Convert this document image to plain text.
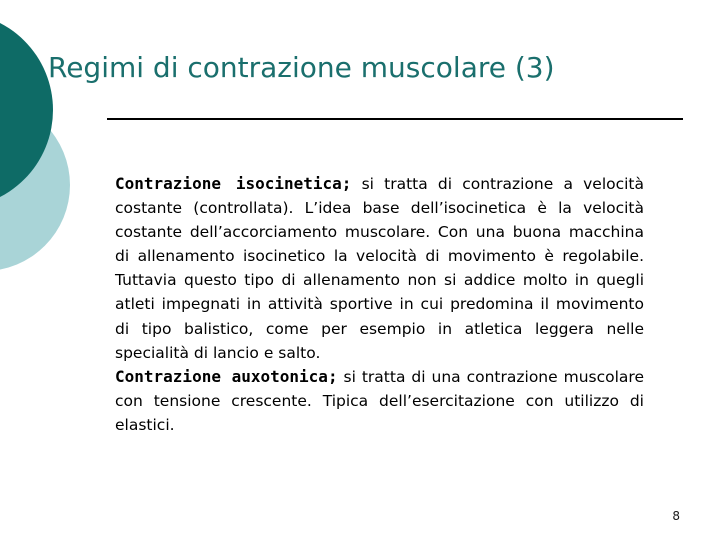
Regimi di contrazione muscolare (3)

Contrazione isocinetica; si tratta di contrazione a velocità costante (controllata). L’idea base dell’isocinetica è la velocità costante dell’accorciamento muscolare. Con una buona macchina di allenamento isocinetico la velocità di movimento è regolabile. Tuttavia questo tipo di allenamento non si addice molto in quegli atleti impegnati in attività sportive in cui predomina il movimento di tipo balistico, come per esempio in atletica leggera nelle specialità di lancio e salto.

Contrazione auxotonica; si tratta di una contrazione muscolare con tensione crescente. Tipica dell’esercitazione con utilizzo di elastici.

8
